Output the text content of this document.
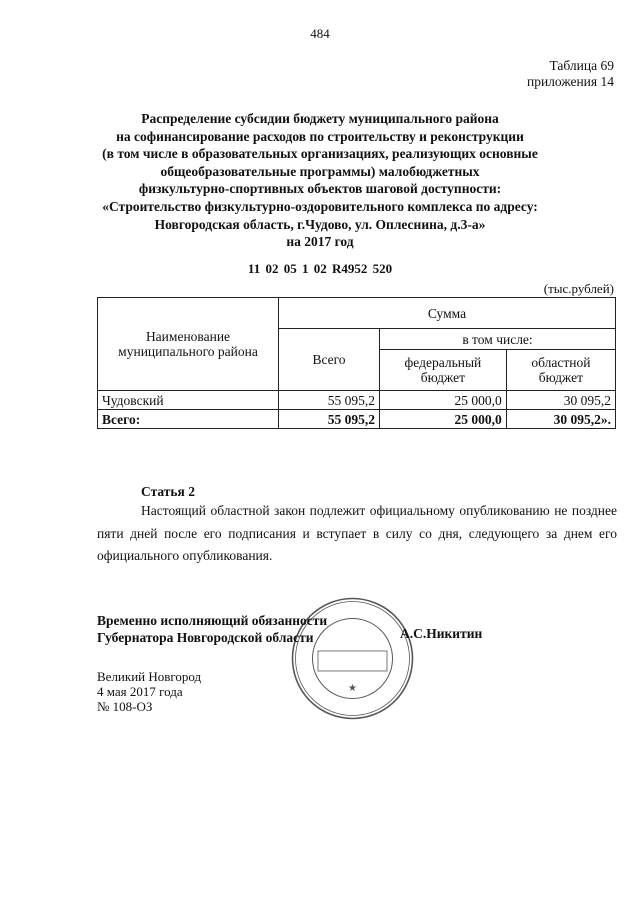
484
Таблица 69
приложения 14
Распределение субсидии бюджету муниципального района
на софинансирование расходов по строительству и реконструкции
(в том числе в образовательных организациях, реализующих основные
общеобразовательные программы) малобюджетных
физкультурно-спортивных объектов шаговой доступности:
«Строительство физкультурно-оздоровительного комплекса по адресу:
Новгородская область, г.Чудово, ул. Оплеснина, д.3-а»
на 2017 год
11 02 05 1 02 R4952 520
(тыс.рублей)
Наименование муниципального района	Сумма		
	Всего	в том числе:	
		федеральный бюджет	областной бюджет
Чудовский	55 095,2	25 000,0	30 095,2
Всего:	55 095,2	25 000,0	30 095,2».
Статья 2
Настоящий областной закон подлежит официальному опубликованию не позднее пяти дней после его подписания и вступает в силу со дня, следующего за днем его официального опубликования.
★
Временно исполняющий обязанности
Губернатора Новгородской области	А.С.Никитин
Великий Новгород
4 мая 2017 года
№ 108-ОЗ
